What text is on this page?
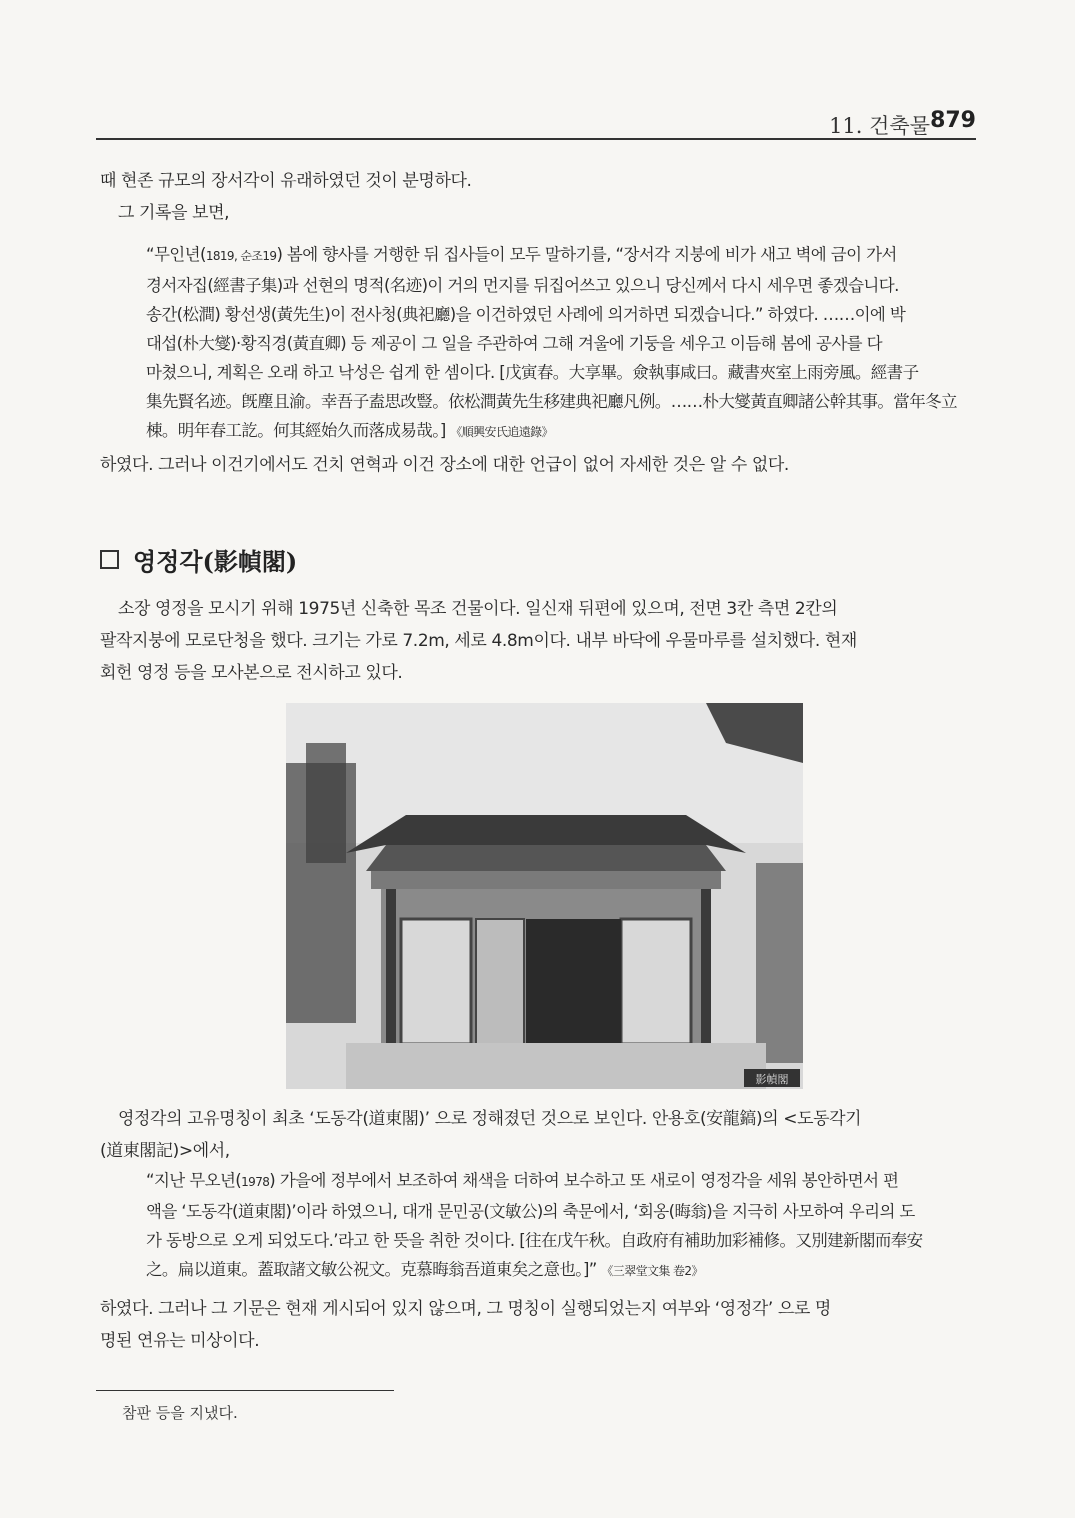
11. 건축물 879
때 현존 규모의 장서각이 유래하였던 것이 분명하다.
그 기록을 보면,
“무인년(1819, 순조19) 봄에 향사를 거행한 뒤 집사들이 모두 말하기를, “장서각 지붕에 비가 새고 벽에 금이 가서
경서자집(經書子集)과 선현의 명적(名迹)이 거의 먼지를 뒤집어쓰고 있으니 당신께서 다시 세우면 좋겠습니다.
송간(松澗) 황선생(黃先生)이 전사청(典祀廳)을 이건하였던 사례에 의거하면 되겠습니다.” 하였다. ……이에 박
대섭(朴大燮)·황직경(黃直卿) 등 제공이 그 일을 주관하여 그해 겨울에 기둥을 세우고 이듬해 봄에 공사를 다
마쳤으니, 계획은 오래 하고 낙성은 쉽게 한 셈이다. [戊寅春。大享畢。僉執事咸曰。藏書夾室上雨旁風。經書子
集先賢名迹。旣塵且渝。幸吾子盍思改豎。依松澗黃先生移建典祀廳凡例。……朴大燮黃直卿諸公幹其事。當年冬立
棟。明年春工訖。何其經始久而落成易哉。] 《順興安氏追遠錄》
하였다. 그러나 이건기에서도 건치 연혁과 이건 장소에 대한 언급이 없어 자세한 것은 알 수 없다.
영정각(影幀閣)
소장 영정을 모시기 위해 1975년 신축한 목조 건물이다. 일신재 뒤편에 있으며, 전면 3칸 측면 2칸의
팔작지붕에 모로단청을 했다. 크기는 가로 7.2m, 세로 4.8m이다. 내부 바닥에 우물마루를 설치했다. 현재
회헌 영정 등을 모사본으로 전시하고 있다.
影幀閣
영정각의 고유명칭이 최초 ‘도동각(道東閣)’ 으로 정해졌던 것으로 보인다. 안용호(安龍鎬)의 <도동각기
(道東閣記)>에서,
“지난 무오년(1978) 가을에 정부에서 보조하여 채색을 더하여 보수하고 또 새로이 영정각을 세워 봉안하면서 편
액을 ‘도동각(道東閣)’이라 하였으니, 대개 문민공(文敏公)의 축문에서, ‘회옹(晦翁)을 지극히 사모하여 우리의 도
가 동방으로 오게 되었도다.’라고 한 뜻을 취한 것이다. [往在戊午秋。自政府有補助加彩補修。又別建新閣而奉安
之。扁以道東。蓋取諸文敏公祝文。克慕晦翁吾道東矣之意也。]” 《三翠堂文集 卷2》
하였다. 그러나 그 기문은 현재 게시되어 있지 않으며, 그 명칭이 실행되었는지 여부와 ‘영정각’ 으로 명
명된 연유는 미상이다.
참판 등을 지냈다.
